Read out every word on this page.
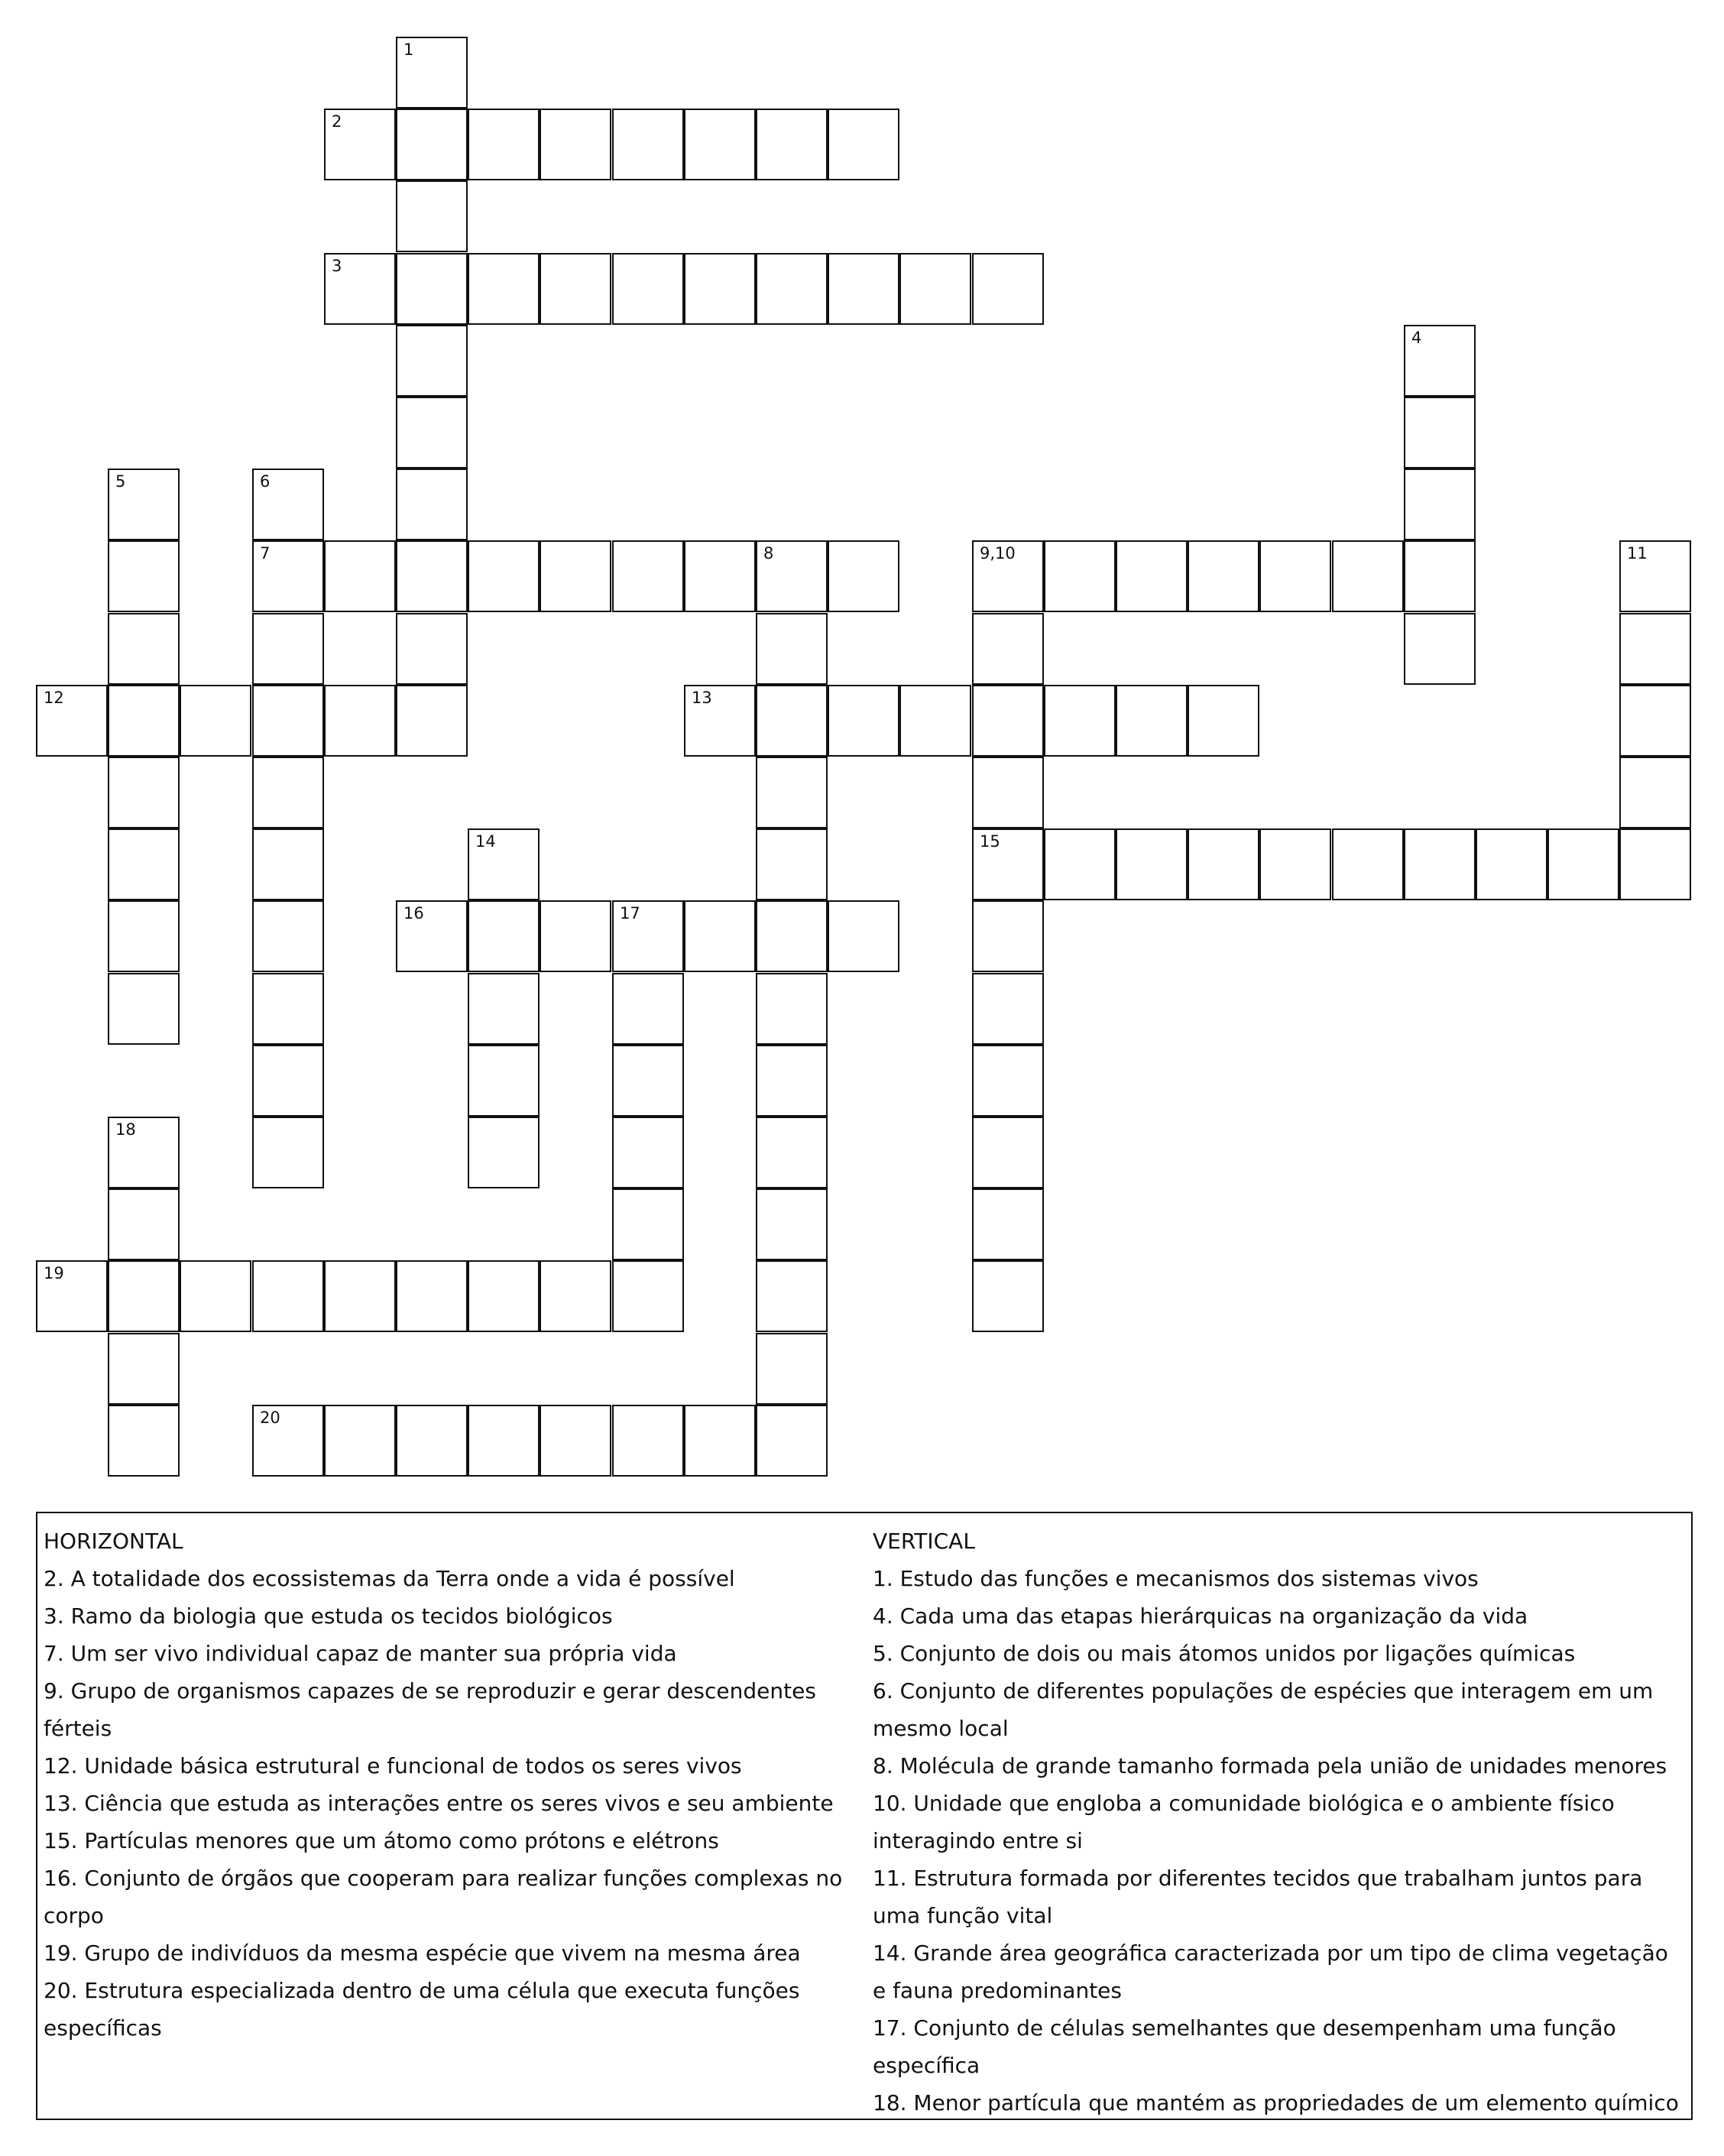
1
2
3
4
5	6
7	8	9,10
15
11
12	13
14
16	17
18
19
20

HORIZONTAL

2. A totalidade dos ecossistemas da Terra onde a vida é possível

3. Ramo da biologia que estuda os tecidos biológicos

7. Um ser vivo individual capaz de manter sua própria vida

9. Grupo de organismos capazes de se reproduzir e gerar descendentes férteis

12. Unidade básica estrutural e funcional de todos os seres vivos

13. Ciência que estuda as interações entre os seres vivos e seu ambiente

15. Partículas menores que um átomo como prótons e elétrons

16. Conjunto de órgãos que cooperam para realizar funções complexas no corpo

19. Grupo de indivíduos da mesma espécie que vivem na mesma área

20. Estrutura especializada dentro de uma célula que executa funções específicas

VERTICAL

1. Estudo das funções e mecanismos dos sistemas vivos

4. Cada uma das etapas hierárquicas na organização da vida

5. Conjunto de dois ou mais átomos unidos por ligações químicas

6. Conjunto de diferentes populações de espécies que interagem em um mesmo local

8. Molécula de grande tamanho formada pela união de unidades menores

10. Unidade que engloba a comunidade biológica e o ambiente físico interagindo entre si

11. Estrutura formada por diferentes tecidos que trabalham juntos para uma função vital

14. Grande área geográfica caracterizada por um tipo de clima vegetação e fauna predominantes

17. Conjunto de células semelhantes que desempenham uma função específica

18. Menor partícula que mantém as propriedades de um elemento químico
